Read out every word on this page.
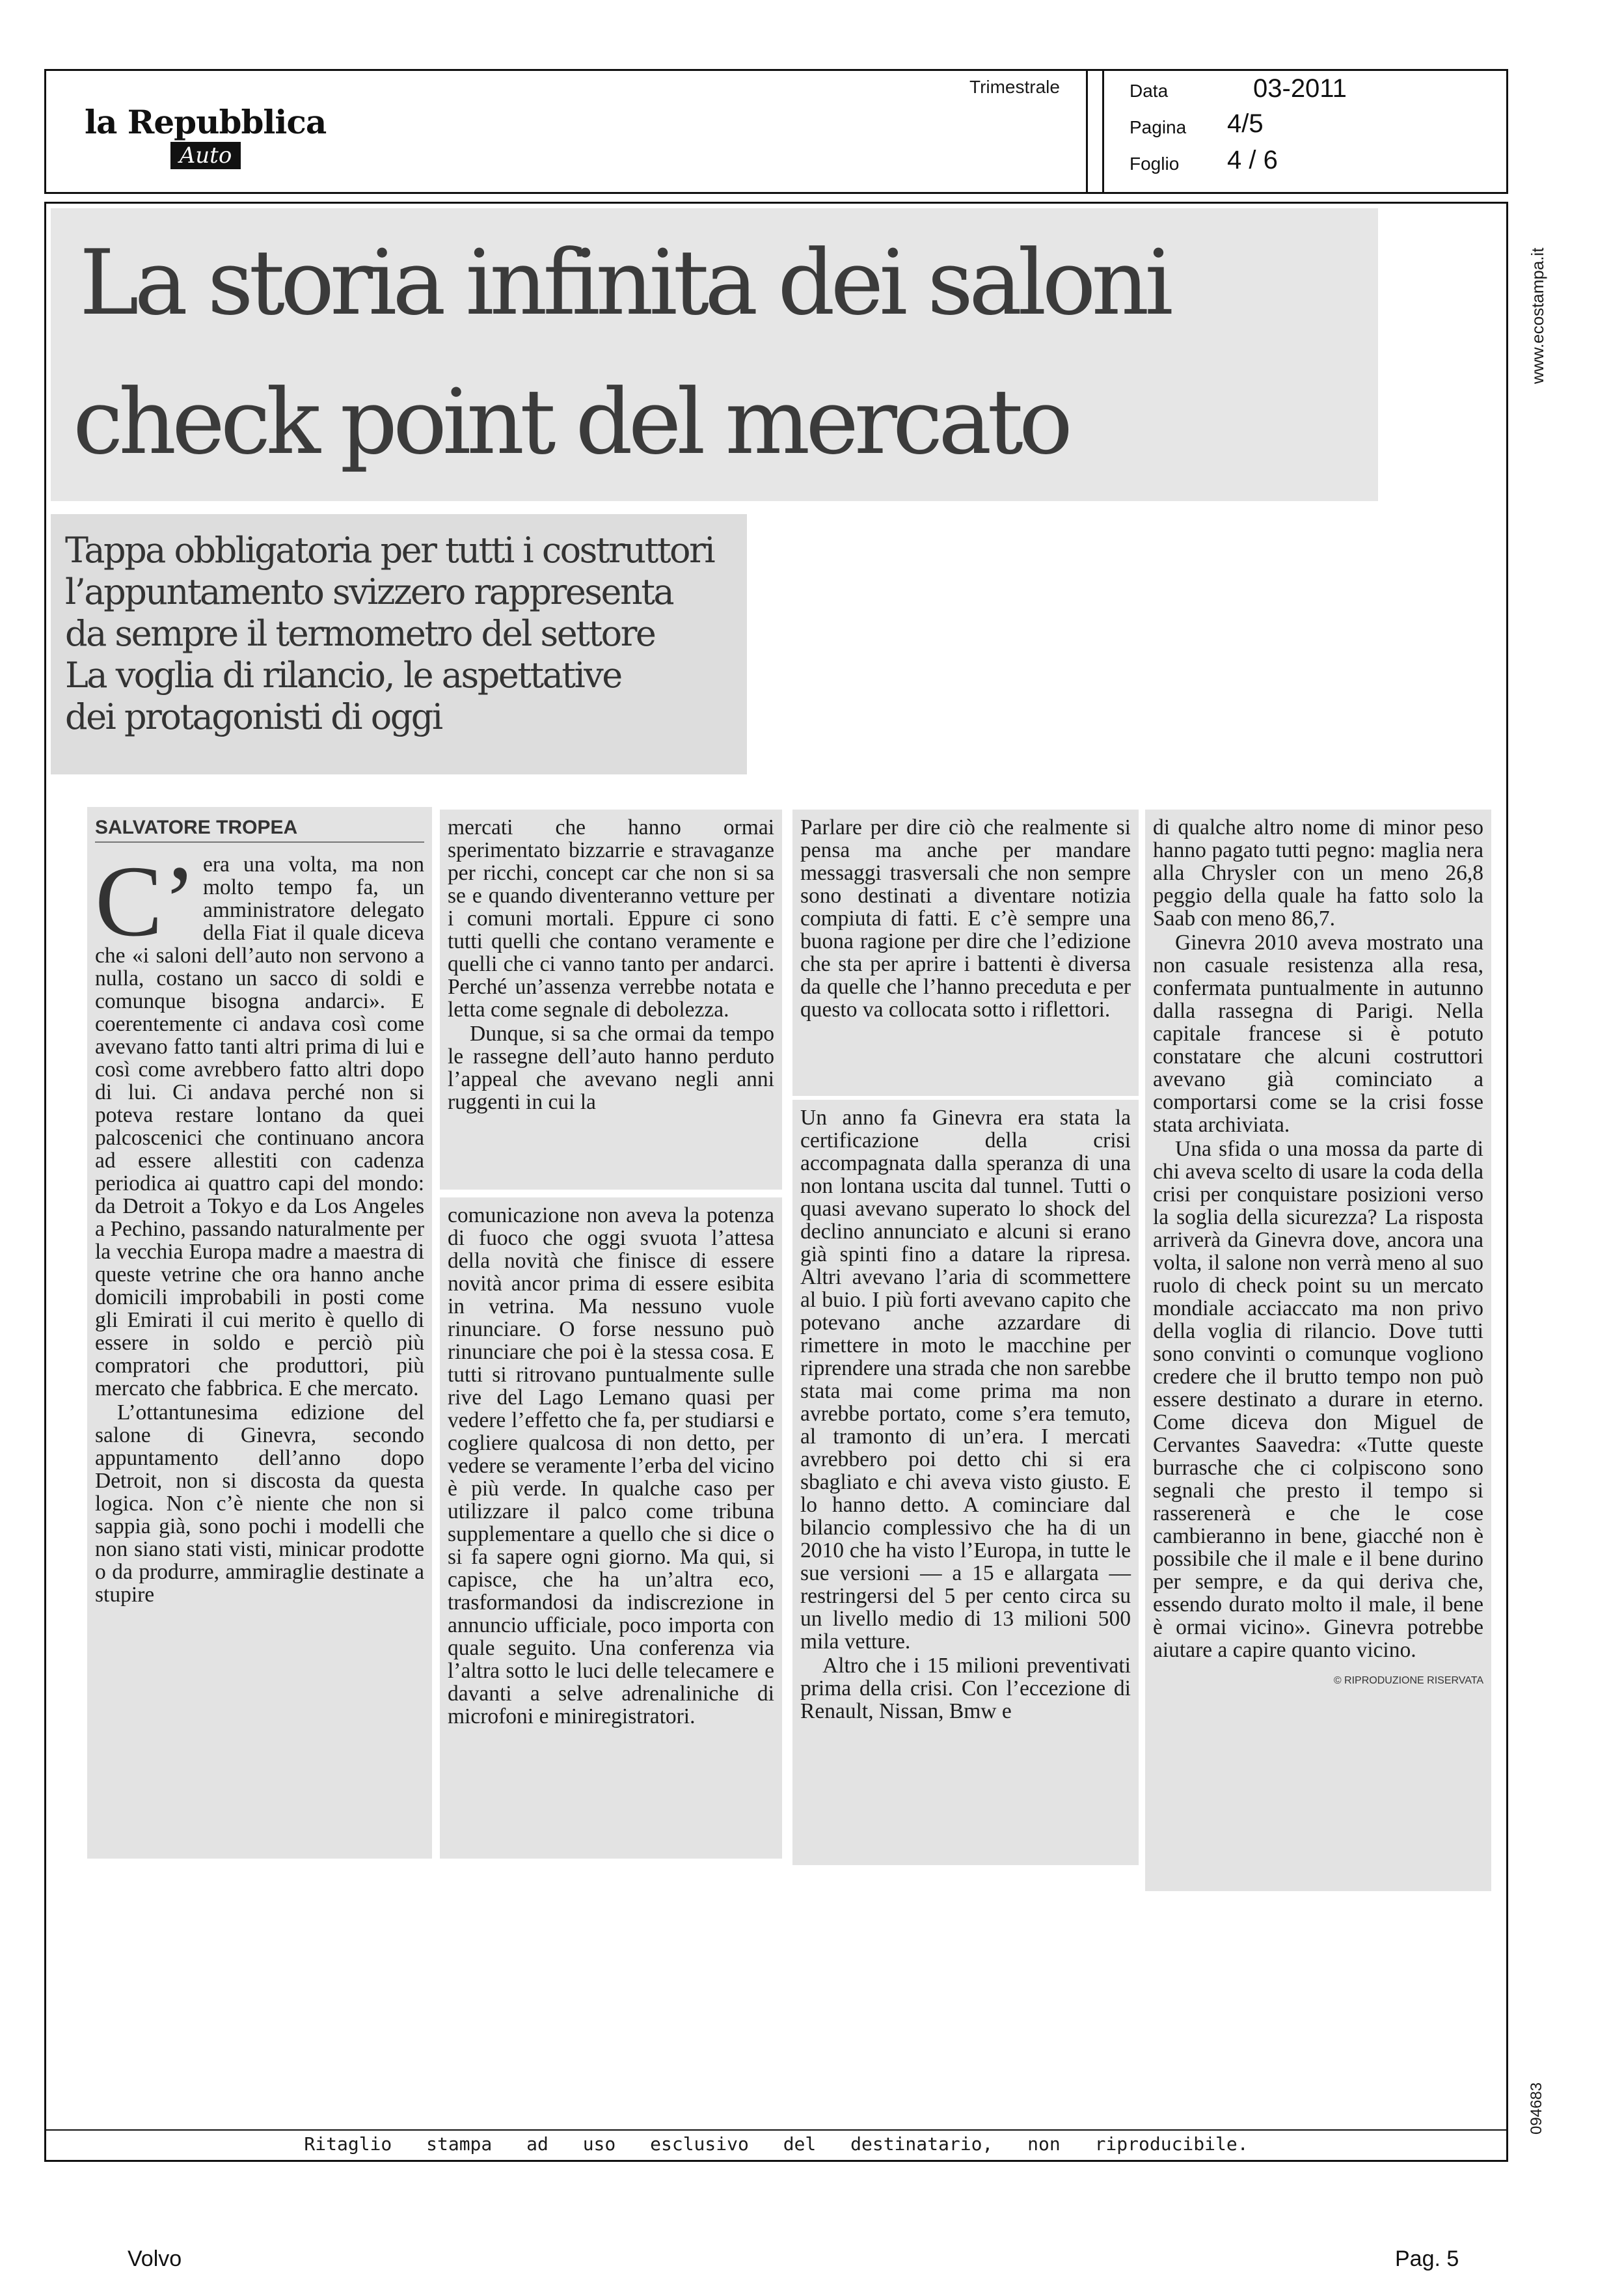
la Repubblica
Auto
Trimestrale	Data	03-2011
Pagina 4/5
Foglio 4 / 6
www.ecostampa.it
094683
La storia infinita dei saloni
check point del mercato
Tappa obbligatoria per tutti i costruttori
l’appuntamento svizzero rappresenta
da sempre il termometro del settore
La voglia di rilancio, le aspettative
dei protagonisti di oggi
SALVATORE TROPEA
C’ era una volta, ma non molto tempo fa, un amministratore delegato della Fiat il quale diceva che «i saloni dell’auto non servono a nulla, costano un sacco di soldi e comunque bisogna andarci». E coerentemente ci andava così come avevano fatto tanti altri prima di lui e così come avrebbero fatto altri dopo di lui. Ci andava perché non si poteva restare lontano da quei palcoscenici che continuano ancora ad essere allestiti con cadenza periodica ai quattro capi del mondo: da Detroit a Tokyo e da Los Angeles a Pechino, passando naturalmente per la vecchia Europa madre a maestra di queste vetrine che ora hanno anche domicili improbabili in posti come gli Emirati il cui merito è quello di essere in soldo e perciò più compratori che produttori, più mercato che fabbrica. E che mercato.

L’ottantunesima edizione del salone di Ginevra, secondo appuntamento dell’anno dopo Detroit, non si discosta da questa logica. Non c’è niente che non si sappia già, sono pochi i modelli che non siano stati visti, minicar prodotte o da produrre, ammiraglie destinate a stupire

mercati che hanno ormai sperimentato bizzarrie e stravaganze per ricchi, concept car che non si sa se e quando diventeranno vetture per i comuni mortali. Eppure ci sono tutti quelli che contano veramente e quelli che ci vanno tanto per andarci. Perché un’assenza verrebbe notata e letta come segnale di debolezza.

Dunque, si sa che ormai da tempo le rassegne dell’auto hanno perduto l’appeal che avevano negli anni ruggenti in cui la

comunicazione non aveva la potenza di fuoco che oggi svuota l’attesa della novità che finisce di essere novità ancor prima di essere esibita in vetrina. Ma nessuno vuole rinunciare. O forse nessuno può rinunciare che poi è la stessa cosa. E tutti si ritrovano puntualmente sulle rive del Lago Lemano quasi per vedere l’effetto che fa, per studiarsi e cogliere qualcosa di non detto, per vedere se veramente l’erba del vicino è più verde. In qualche caso per utilizzare il palco come tribuna supplementare a quello che si dice o si fa sapere ogni giorno. Ma qui, si capisce, che ha un’altra eco, trasformandosi da indiscrezione in annuncio ufficiale, poco importa con quale seguito. Una conferenza via l’altra sotto le luci delle telecamere e davanti a selve adrenaliniche di microfoni e miniregistratori.

Parlare per dire ciò che realmente si pensa ma anche per mandare messaggi trasversali che non sempre sono destinati a diventare notizia compiuta di fatti. E c’è sempre una buona ragione per dire che l’edizione che sta per aprire i battenti è diversa da quelle che l’hanno preceduta e per questo va collocata sotto i riflettori.

Un anno fa Ginevra era stata la certificazione della crisi accompagnata dalla speranza di una non lontana uscita dal tunnel. Tutti o quasi avevano superato lo shock del declino annunciato e alcuni si erano già spinti fino a datare la ripresa. Altri avevano l’aria di scommettere al buio. I più forti avevano capito che potevano anche azzardare di rimettere in moto le macchine per riprendere una strada che non sarebbe stata mai come prima ma non avrebbe portato, come s’era temuto, al tramonto di un’era. I mercati avrebbero poi detto chi si era sbagliato e chi aveva visto giusto. E lo hanno detto. A cominciare dal bilancio complessivo che ha di un 2010 che ha visto l’Europa, in tutte le sue versioni — a 15 e allargata — restringersi del 5 per cento circa su un livello medio di 13 milioni 500 mila vetture.

Altro che i 15 milioni preventivati prima della crisi. Con l’eccezione di Renault, Nissan, Bmw e

di qualche altro nome di minor peso hanno pagato tutti pegno: maglia nera alla Chrysler con un meno 26,8 peggio della quale ha fatto solo la Saab con meno 86,7.

Ginevra 2010 aveva mostrato una non casuale resistenza alla resa, confermata puntualmente in autunno dalla rassegna di Parigi. Nella capitale francese si è potuto constatare che alcuni costruttori avevano già cominciato a comportarsi come se la crisi fosse stata archiviata.

Una sfida o una mossa da parte di chi aveva scelto di usare la coda della crisi per conquistare posizioni verso la soglia della sicurezza? La risposta arriverà da Ginevra dove, ancora una volta, il salone non verrà meno al suo ruolo di check point su un mercato mondiale acciaccato ma non privo della voglia di rilancio. Dove tutti sono convinti o comunque vogliono credere che il brutto tempo non può essere destinato a durare in eterno. Come diceva don Miguel de Cervantes Saavedra: «Tutte queste burrasche che ci colpiscono sono segnali che presto il tempo si rasserenerà e che le cose cambieranno in bene, giacché non è possibile che il male e il bene durino per sempre, e da qui deriva che, essendo durato molto il male, il bene è ormai vicino». Ginevra potrebbe aiutare a capire quanto vicino.

© RIPRODUZIONE RISERVATA
Ritaglio stampa ad uso esclusivo del destinatario, non riproducibile.
Volvo	Pag. 5
